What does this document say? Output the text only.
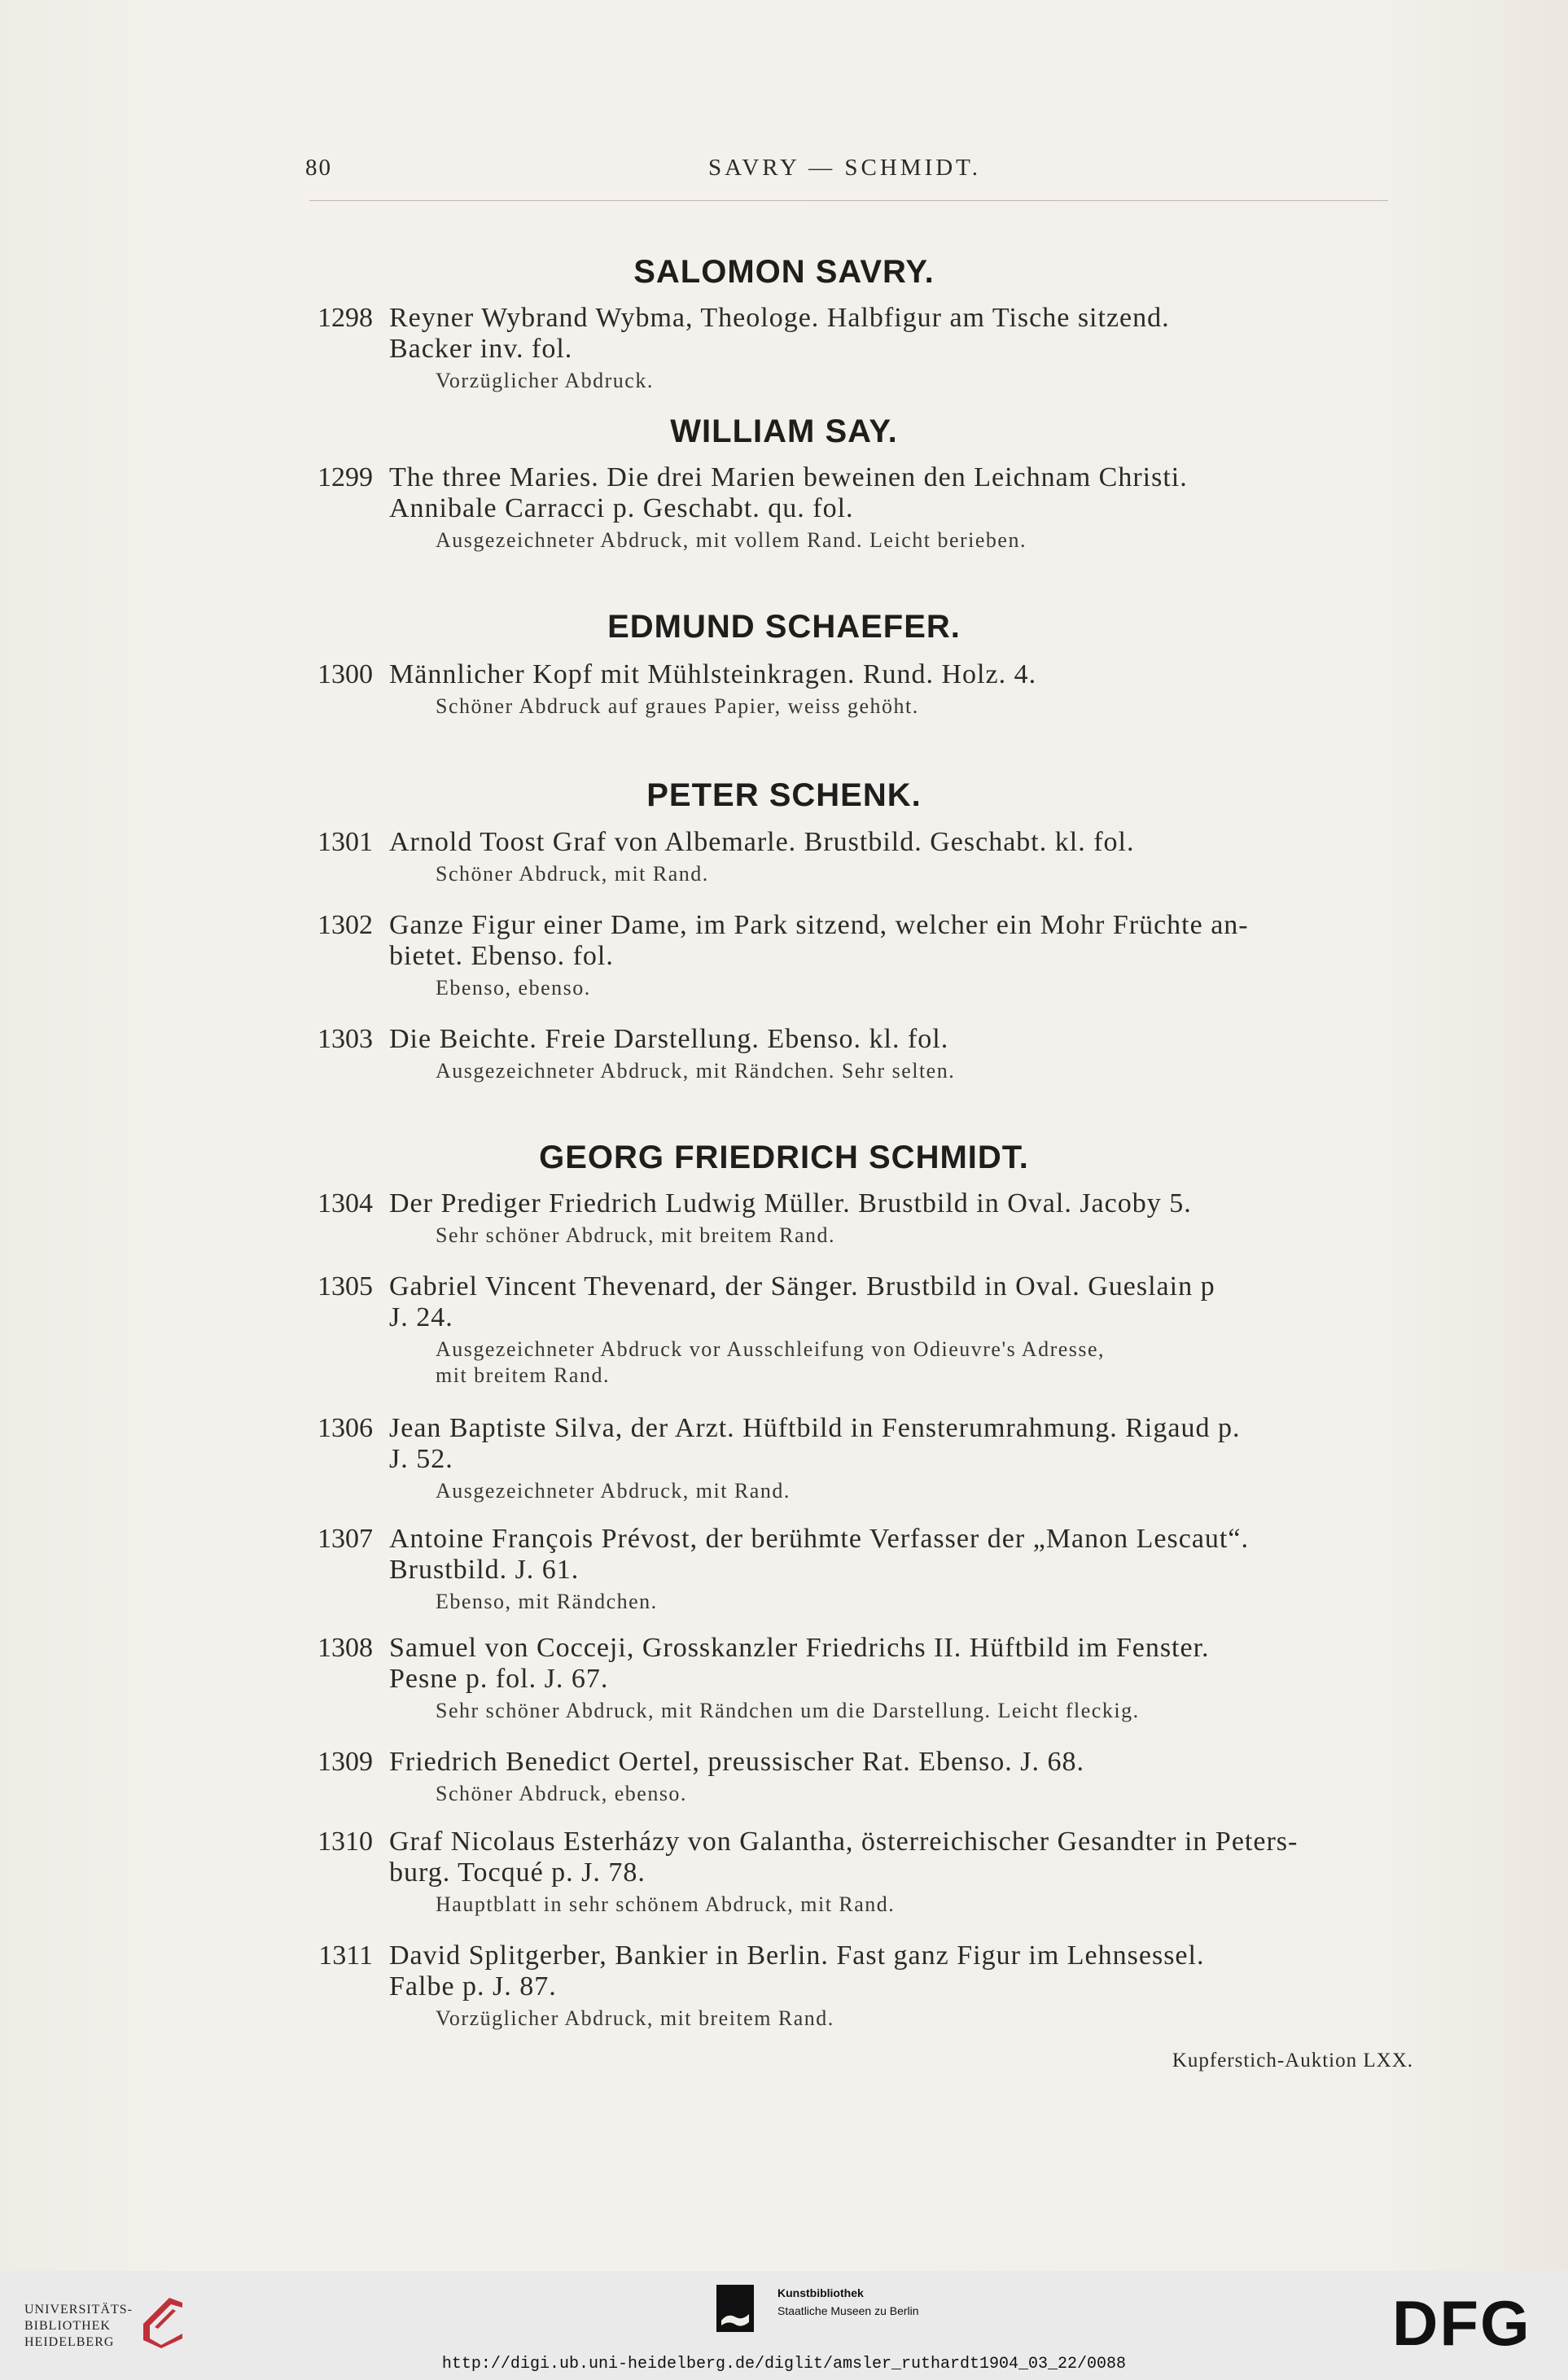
80	SAVRY — SCHMIDT.
SALOMON SAVRY.
1298 Reyner Wybrand Wybma, Theologe. Halbfigur am Tische sitzend.
Backer inv. fol.
Vorzüglicher Abdruck.
WILLIAM SAY.
1299 The three Maries. Die drei Marien beweinen den Leichnam Christi.
Annibale Carracci p. Geschabt. qu. fol.
Ausgezeichneter Abdruck, mit vollem Rand. Leicht berieben.
EDMUND SCHAEFER.
1300 Männlicher Kopf mit Mühlsteinkragen. Rund. Holz. 4.
Schöner Abdruck auf graues Papier, weiss gehöht.
PETER SCHENK.
1301 Arnold Toost Graf von Albemarle. Brustbild. Geschabt. kl. fol.
Schöner Abdruck, mit Rand.
1302 Ganze Figur einer Dame, im Park sitzend, welcher ein Mohr Früchte an-
bietet. Ebenso. fol.
Ebenso, ebenso.
1303 Die Beichte. Freie Darstellung. Ebenso. kl. fol.
Ausgezeichneter Abdruck, mit Rändchen. Sehr selten.
GEORG FRIEDRICH SCHMIDT.
1304 Der Prediger Friedrich Ludwig Müller. Brustbild in Oval. Jacoby 5.
Sehr schöner Abdruck, mit breitem Rand.
1305 Gabriel Vincent Thevenard, der Sänger. Brustbild in Oval. Gueslain p
J. 24.
Ausgezeichneter Abdruck vor Ausschleifung von Odieuvre's Adresse,
mit breitem Rand.
1306 Jean Baptiste Silva, der Arzt. Hüftbild in Fensterumrahmung. Rigaud p.
J. 52.
Ausgezeichneter Abdruck, mit Rand.
1307 Antoine François Prévost, der berühmte Verfasser der „Manon Lescaut“.
Brustbild. J. 61.
Ebenso, mit Rändchen.
1308 Samuel von Cocceji, Grosskanzler Friedrichs II. Hüftbild im Fenster.
Pesne p. fol. J. 67.
Sehr schöner Abdruck, mit Rändchen um die Darstellung. Leicht fleckig.
1309 Friedrich Benedict Oertel, preussischer Rat. Ebenso. J. 68.
Schöner Abdruck, ebenso.
1310 Graf Nicolaus Esterházy von Galantha, österreichischer Gesandter in Peters-
burg. Tocqué p. J. 78.
Hauptblatt in sehr schönem Abdruck, mit Rand.
1311 David Splitgerber, Bankier in Berlin. Fast ganz Figur im Lehnsessel.
Falbe p. J. 87.
Vorzüglicher Abdruck, mit breitem Rand.
Kupferstich-Auktion LXX.
UNIVERSITÄTS-
BIBLIOTHEK
HEIDELBERG
Kunstbibliothek
Staatliche Museen zu Berlin	DFG
http://digi.ub.uni-heidelberg.de/diglit/amsler_ruthardt1904_03_22/0088
